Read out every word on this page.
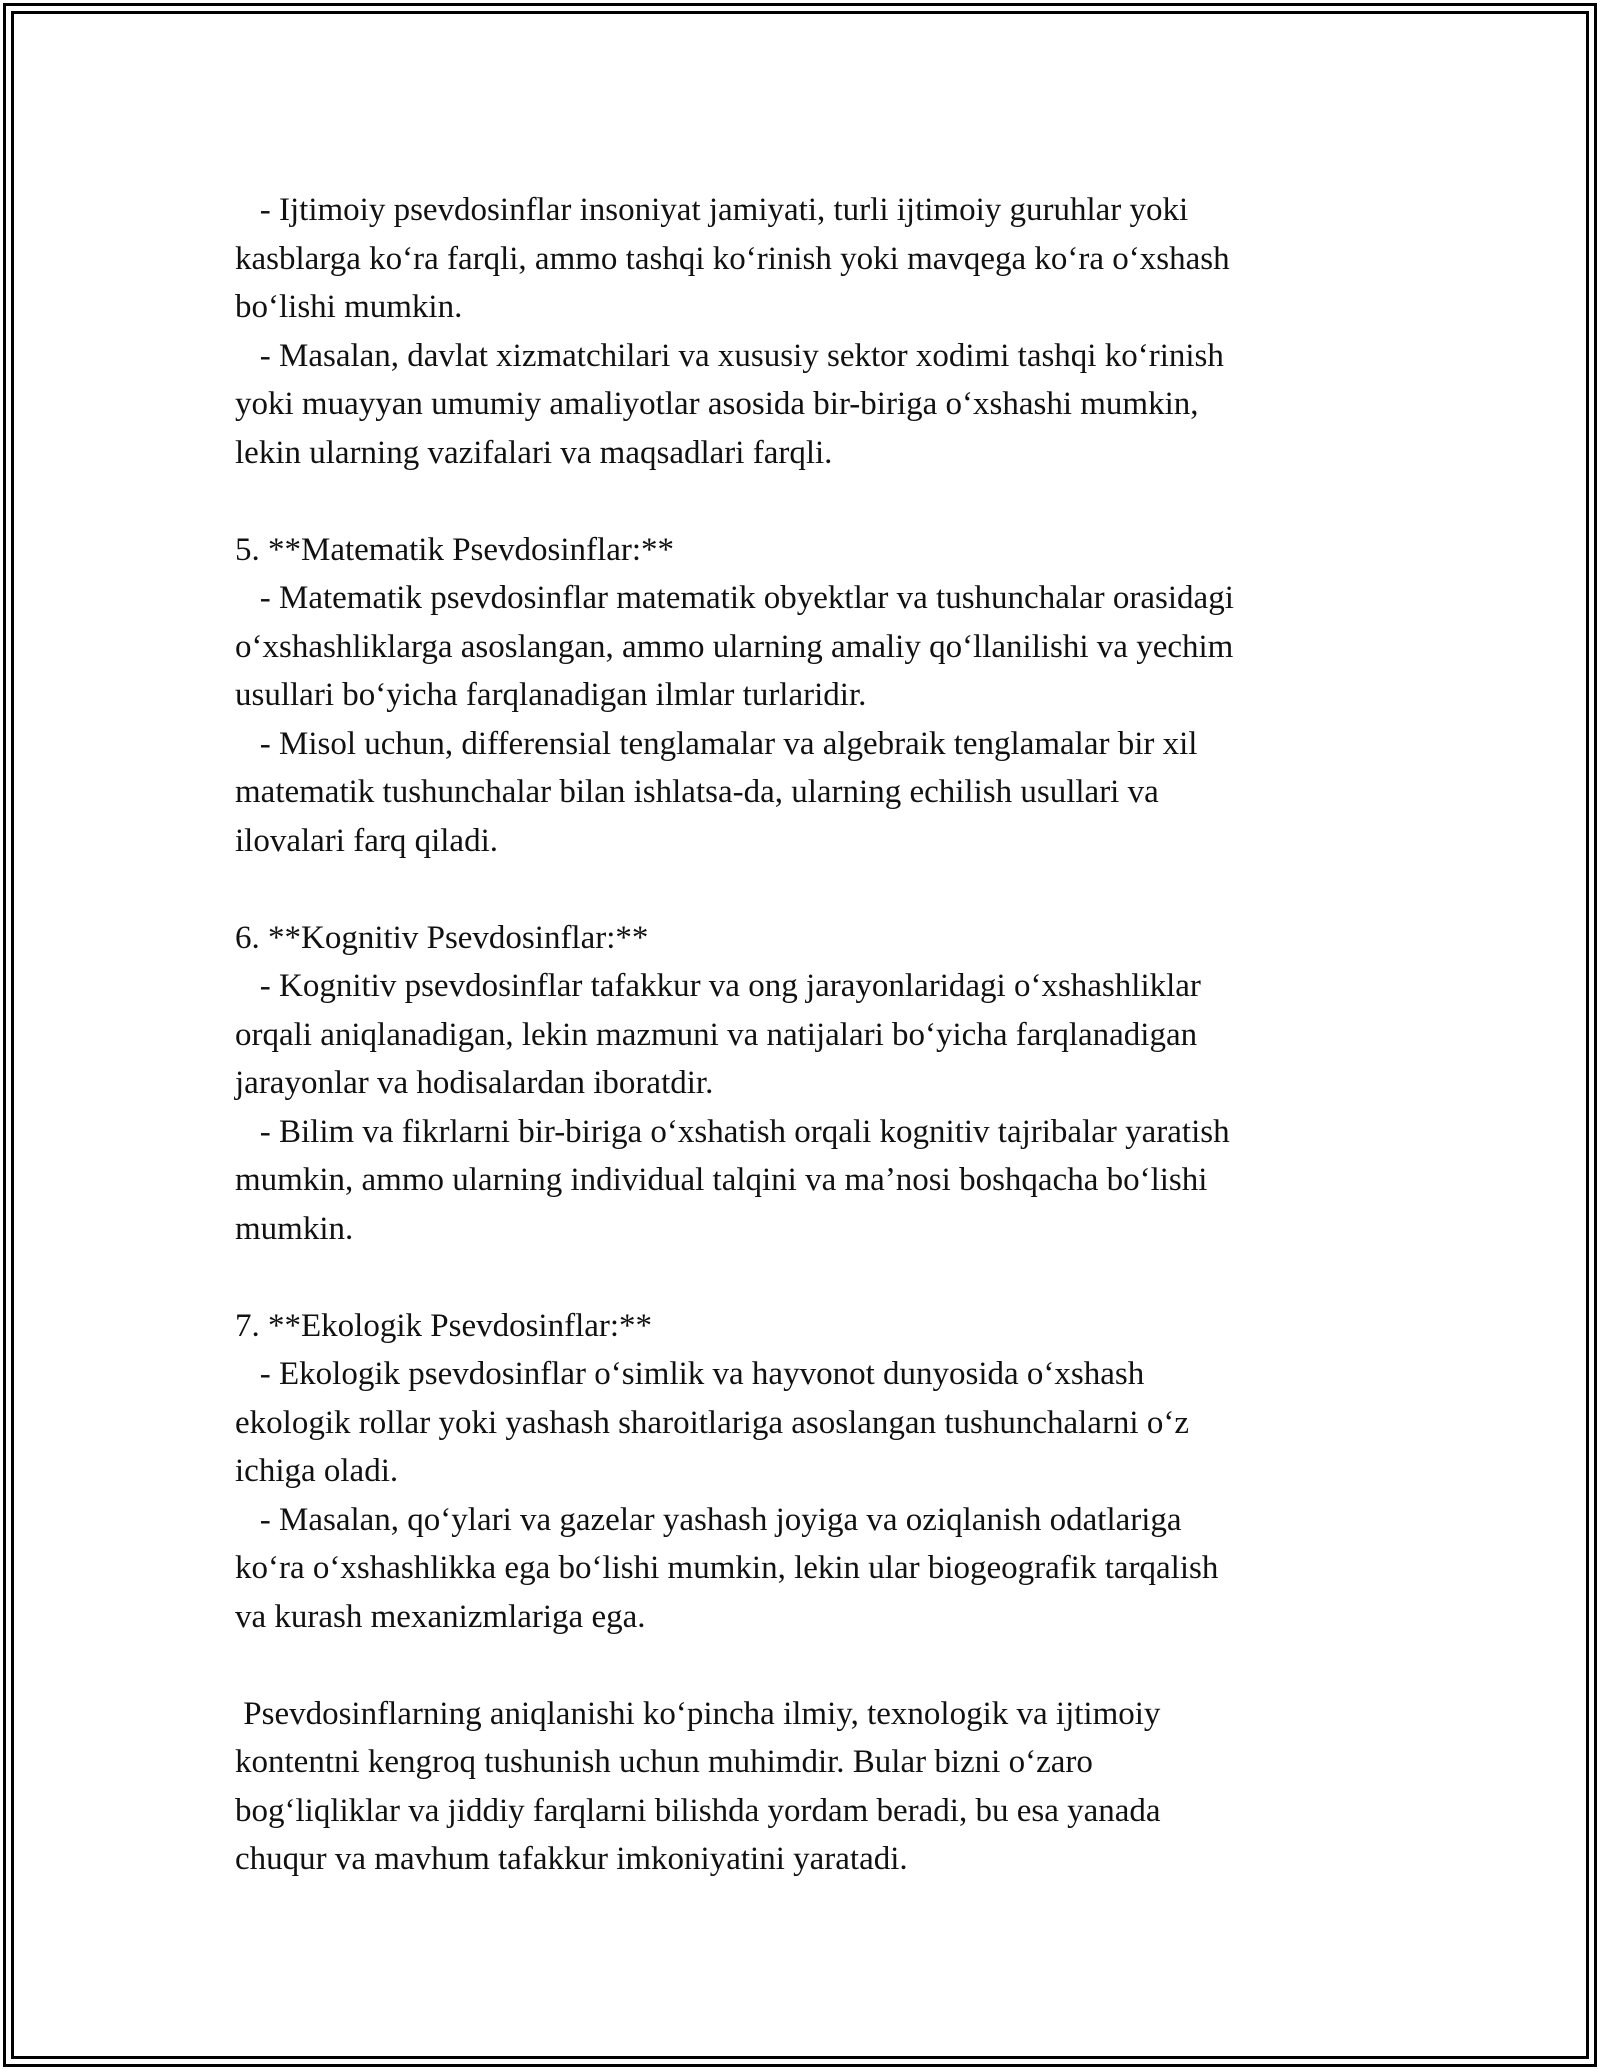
- Ijtimoiy psevdosinflar insoniyat jamiyati, turli ijtimoiy guruhlar yoki
kasblarga koʻra farqli, ammo tashqi koʻrinish yoki mavqega koʻra oʻxshash
boʻlishi mumkin.
- Masalan, davlat xizmatchilari va xususiy sektor xodimi tashqi koʻrinish
yoki muayyan umumiy amaliyotlar asosida bir-biriga oʻxshashi mumkin,
lekin ularning vazifalari va maqsadlari farqli.
5. **Matematik Psevdosinflar:**
- Matematik psevdosinflar matematik obyektlar va tushunchalar orasidagi
oʻxshashliklarga asoslangan, ammo ularning amaliy qoʻllanilishi va yechim
usullari boʻyicha farqlanadigan ilmlar turlaridir.
- Misol uchun, differensial tenglamalar va algebraik tenglamalar bir xil
matematik tushunchalar bilan ishlatsa-da, ularning echilish usullari va
ilovalari farq qiladi.
6. **Kognitiv Psevdosinflar:**
- Kognitiv psevdosinflar tafakkur va ong jarayonlaridagi oʻxshashliklar
orqali aniqlanadigan, lekin mazmuni va natijalari boʻyicha farqlanadigan
jarayonlar va hodisalardan iboratdir.
- Bilim va fikrlarni bir-biriga oʻxshatish orqali kognitiv tajribalar yaratish
mumkin, ammo ularning individual talqini va maʼnosi boshqacha boʻlishi
mumkin.
7. **Ekologik Psevdosinflar:**
- Ekologik psevdosinflar oʻsimlik va hayvonot dunyosida oʻxshash
ekologik rollar yoki yashash sharoitlariga asoslangan tushunchalarni oʻz
ichiga oladi.
- Masalan, qoʻylari va gazelar yashash joyiga va oziqlanish odatlariga
koʻra oʻxshashlikka ega boʻlishi mumkin, lekin ular biogeografik tarqalish
va kurash mexanizmlariga ega.
Psevdosinflarning aniqlanishi koʻpincha ilmiy, texnologik va ijtimoiy
kontentni kengroq tushunish uchun muhimdir. Bular bizni oʻzaro
bogʻliqliklar va jiddiy farqlarni bilishda yordam beradi, bu esa yanada
chuqur va mavhum tafakkur imkoniyatini yaratadi.
